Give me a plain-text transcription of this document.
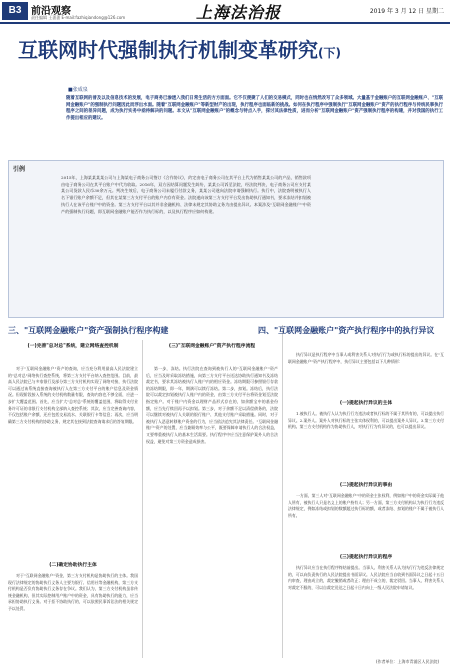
B3 前沿观察
责任编辑 王蔷蔷 E-mail:fazhiqiandong@126.com	上海法治报	2019 年 3 月 12 日 星期二
互联网时代强制执行机制变革研究(下)
■张成泉
随着互联网的普及以及信息技术的发展，电子商务已渗透入我们日常生活的方方面面。它不仅便捷了人们的交易模式，同时也在悄然改写了众多领域。大量基于金融账户的互联网金融账户、"互联网金融账户"的强制执行问题因此而浮出水面。随着"互联网金融账户"等新型财产的出现，执行程序也面临新的挑战。如何在执行程序中强制执行"互联网金融账户"资产的执行程序与传统民事执行程序之间的差异问题，成为执行实务中亟待解决的问题。本文从"互联网金融账户"的概念与特点入手，探讨其法律性质，进而分析"互联网金融账户"资产强制执行程序的构建，并对我国的执行工作提出相应的建议。
引例
2015年，上海某某某某公司与上海某电子商务公司签订《合作协议》，约定由电子商务公司在其平台上代为销售某某公司的产品，销售款项由电子商务公司在其平台账户中代为收取。2016年，双方因结算问题发生纠纷，某某公司诉至法院，经法院判决，电子商务公司应支付某某公司货款人民币30余万元。判决生效后，电子商务公司未履行付款义务，某某公司遂向法院申请强制执行。执行中，法院查明被执行人名下银行账户余额不足，但其在某第三方支付平台的账户内存有资金。法院遂向该第三方支付平台发出协助执行通知书，要求冻结并扣划被执行人在该平台账户中的资金。第三方支付平台以其并非金融机构、法律未规定其协助义务为由提出异议。本案涉及"互联网金融账户"中资产的强制执行问题，即互联网金融账户能否作为执行标的，以及执行程序应如何构建。
三、"互联网金融账户"资产强制执行程序构建
(一)完善"总对总"系统，建立网络查控机制
对于"互联网金融账户"资产的查询，应当充分利用最高人民法院建立的"总对总"网络执行查控系统，将第三方支付平台纳入查控范围。目前，最高人民法院已与多家银行及部分第三方支付机构实现了网络对接，执行法院可以通过该系统直接查询被执行人在第三方支付平台的账户信息及资金情况。但现阶段接入系统的支付机构数量有限，查询内容也不够全面，应进一步扩大覆盖范围。首先，应当扩大"总对总"系统的覆盖范围，将取得支付业务许可证的非银行支付机构全部纳入查控系统；其次，应当完善查询内容，不仅包括账户余额，还应包括交易流水、关联银行卡等信息；再次，应当明确第三方支付机构的协助义务，规定其在接到法院查询请求后的答复期限。
(二)确定协助执行主体
对于"互联网金融账户"资金，第三方支付机构是协助执行的主体。我国现行法律规定的协助执行义务人主要为银行、信用社等金融机构，第三方支付机构是否负有协助执行义务存在争议。我们认为，第三方支付机构虽非传统金融机构，但其实际控制用户账户中的资金，具有协助执行的能力，应当承担协助执行义务。对于拒不协助执行的，可以依照民事诉讼法的相关规定予以处罚。
(三)"互联网金融账户"资产执行程序流程
第一步，冻结。执行法院在查询到被执行人的"互联网金融账户"资产后，应当及时采取冻结措施，向第三方支付平台送达协助执行通知书及冻结裁定书，要求其冻结被执行人账户内的相应资金。冻结期限可参照银行存款的冻结期限，即一年，期满可以续行冻结。第二步，扣划。冻结后，执行法院可以裁定扣划被执行人账户内的资金，由第三方支付平台将资金划至法院指定账户。对于账户内资金以理财产品形式存在的，如余额宝中的基金份额，应当先行赎回再予以扣划。第三步，对于余额不足以清偿债务的，法院可以继续对被执行人关联的银行账户、其他支付账户采取措施。同时，对于被执行人恶意转移账户资金的行为，应当依法追究其法律责任。"互联网金融账户"资产的处置，应当兼顾效率与公平，既要保障申请执行人的合法权益，又要尊重被执行人的基本生活需要。执行程序中应当注意保护案外人的合法权益，避免对第三方资金造成损害。
四、"互联网金融账户"资产执行程序中的执行异议
执行异议是执行程序中当事人或利害关系人对执行行为或执行标的提出的异议。在"互联网金融账户"资产执行程序中，执行异议主要包括以下几种情形：
(一)提起执行异议的主体
1.被执行人。被执行人认为执行行为违法或者执行标的不属于其所有的，可以提出执行异议。2.案外人。案外人对执行标的主张实体权利的，可以提出案外人异议。3.第三方支付机构。第三方支付机构作为协助执行人，对执行行为有异议的，也可以提出异议。
(二)提起执行异议的事由
一方面，第三人对"互联网金融账户"中的资金主张权利，例如账户中的资金实际属于他人所有，被执行人只是名义上的账户持有人；另一方面，第三方支付机构认为执行行为违反法律规定，例如冻结或扣划的数额超过执行标的额，或者冻结、扣划的账户不属于被执行人所有。
(三)提起执行异议的程序
执行异议应当在执行程序终结前提出。当事人、利害关系人认为执行行为违反法律规定的，可以向负责执行的人民法院提出书面异议。人民法院应当自收到书面异议之日起十五日内审查，理由成立的，裁定撤销或者改正；理由不成立的，裁定驳回。当事人、利害关系人对裁定不服的，可以自裁定送达之日起十日内向上一级人民法院申请复议。
(作者单位：上海市青浦区人民法院)
